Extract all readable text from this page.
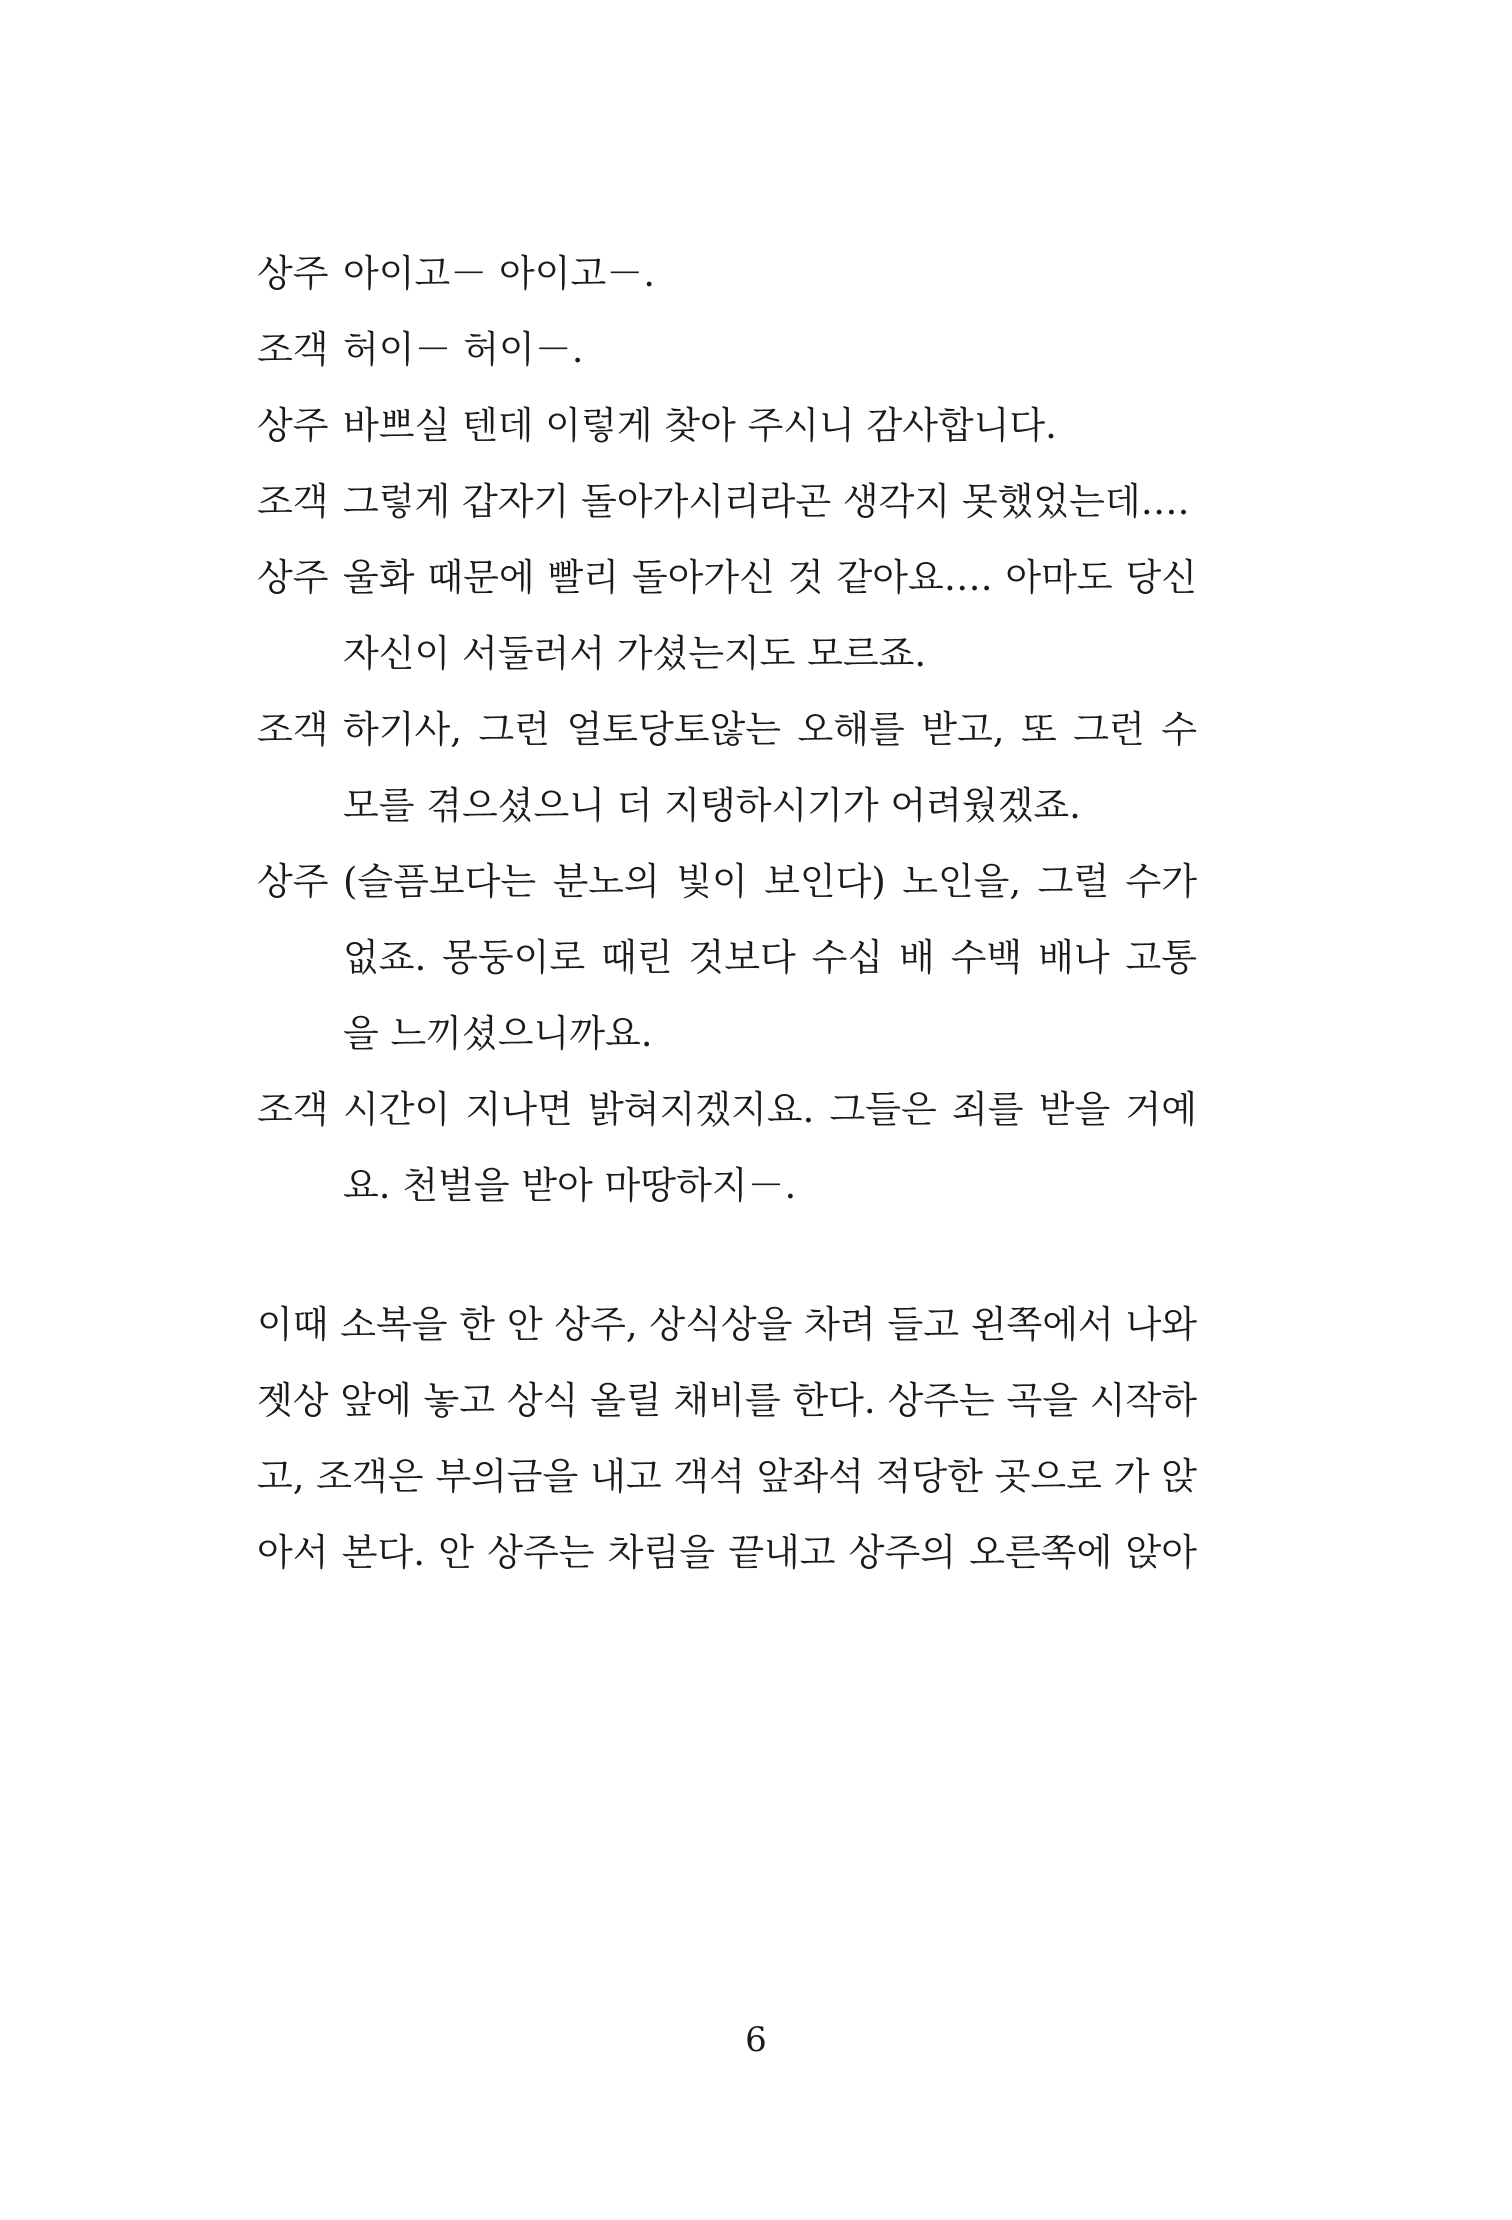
상주 아이고－ 아이고－.
조객 허이－ 허이－.
상주 바쁘실 텐데 이렇게 찾아 주시니 감사합니다.
조객 그렇게 갑자기 돌아가시리라곤 생각지 못했었는데….
상주 울화 때문에 빨리 돌아가신 것 같아요…. 아마도 당신 자신이 서둘러서 가셨는지도 모르죠.
조객 하기사, 그런 얼토당토않는 오해를 받고, 또 그런 수모를 겪으셨으니 더 지탱하시기가 어려웠겠죠.
상주 (슬픔보다는 분노의 빛이 보인다) 노인을, 그럴 수가 없죠. 몽둥이로 때린 것보다 수십 배 수백 배나 고통을 느끼셨으니까요.
조객 시간이 지나면 밝혀지겠지요. 그들은 죄를 받을 거예요. 천벌을 받아 마땅하지－.

이때 소복을 한 안 상주, 상식상을 차려 들고 왼쪽에서 나와

젯상 앞에 놓고 상식 올릴 채비를 한다. 상주는 곡을 시작하

고, 조객은 부의금을 내고 객석 앞좌석 적당한 곳으로 가 앉

아서 본다. 안 상주는 차림을 끝내고 상주의 오른쪽에 앉아

6
